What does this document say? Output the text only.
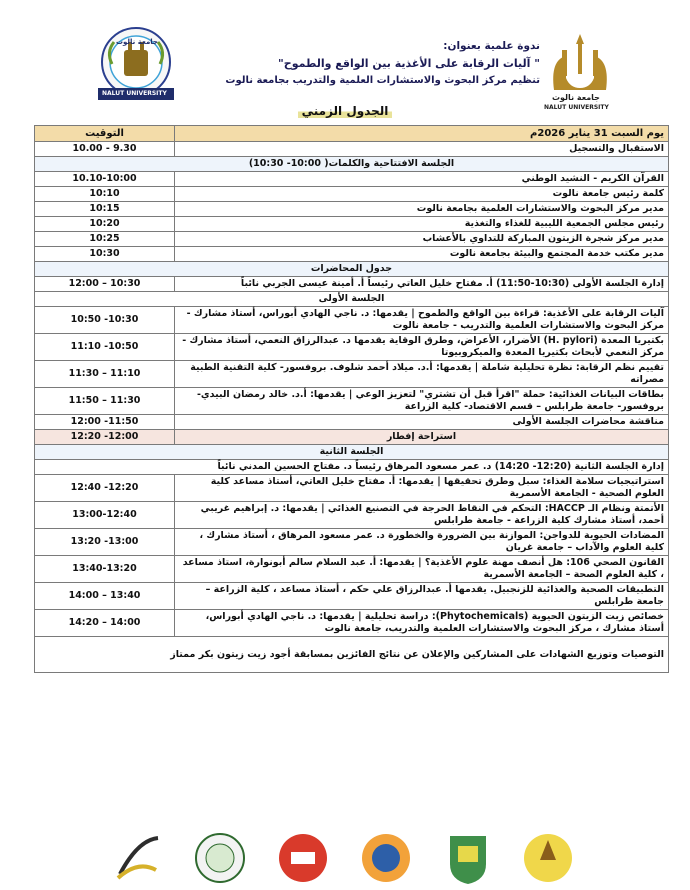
جامعة نالوت
NALUT UNIVERSITY
ندوة علمية بعنوان:
" آليات الرقابة على الأغذية بين الواقع والطموح"
تنظيم مركز البحوث والاستشارات العلمية والتدريب بجامعة نالوت
جامعة نالوت
NALUT UNIVERSITY
الجدول الزمني
يوم السبت 31 يناير 2026م	التوقيت
الاستقبال والتسجيل	10.00 - 9.30
الجلسة الافتتاحية والكلمات( 10:00- 10:30)	
القرآن الكريم - النشيد الوطني	10.10-10:00
كلمة رئيس جامعة نالوت	10:10
مدير مركز البحوث والاستشارات العلمية بجامعة نالوت	10:15
رئيس مجلس الجمعية الليبية للغذاء والتغذية	10:20
مدير مركز شجرة الزيتون المباركة للتداوي بالأعشاب	10:25
مدير مكتب خدمة المجتمع والبيئة بجامعة نالوت	10:30
جدول المحاضرات	
إدارة الجلسة الأولى (10:30-11:50) أ. مفتاح خليل العاتي رئيساً أ. أمينة عيسى الجربي نائباً	12:00 – 10:30
الجلسة الأولى	
آليات الرقابة على الأغذية: قراءة بين الواقع والطموح | يقدمها: د. ناجي الهادي أبوراس، أستاذ مشارك - مركز البحوث والاستشارات العلمية والتدريب - جامعة نالوت	10:50 -10:30
بكتيريا المعدة (H. pylori) الأضرار، الأعراض، وطرق الوقاية يقدمها د. عبدالرزاق النعمي، أستاذ مشارك - مركز النعمي لأبحاث بكتيريا المعدة والميكروبيوتا	11:10 -10:50
تقييم نظم الرقابة: نظرة تحليلية شاملة | يقدمها: أ.د. ميلاد أحمد شلوف. بروفسور- كلية التقنية الطبية مصراته	11:30 – 11:10
بطاقات البيانات الغذائية: حملة "اقرأ قبل أن تشتري" لتعزيز الوعي | يقدمها: أ.د. خالد رمضان البيدي- بروفسور- جامعة طرابلس – قسم الاقتصاد- كلية الزراعة	11:50 – 11:30
مناقشة محاضرات الجلسة الأولى	12:00 -11:50
استراحة إفطار	12:20 -12:00
الجلسة الثانية	
إدارة الجلسة الثانية (12:20- 14:20) د. عمر مسعود المرهاق رئيساً د. مفتاح الحسين المدني نائباً	
استراتيجيات سلامة الغذاء: سبل وطرق تحقيقها | يقدمها: أ. مفتاح خليل العاتي، أستاذ مساعد كلية العلوم الصحية - الجامعة الأسمرية	12:40 -12:20
الأتمتة ونظام الـ HACCP: التحكم في النقاط الحرجة في التصنيع الغذائي | يقدمها: د. إبراهيم غريبي أحمد، أستاذ مشارك كلية الزراعة - جامعة طرابلس	13:00-12:40
المضادات الحيوية للدواجن: الموازنة بين الضرورة والخطورة د. عمر مسعود المرهاق ، أستاذ مشارك ، كلية العلوم والآداب – جامعة غريان	13:20 -13:00
القانون الصحي 106: هل أنصف مهنة علوم الأغذية؟ | يقدمها: أ. عبد السلام سالم أبونوارة، استاذ مساعد ، كلية العلوم الصحة – الجامعة الأسمرية	13:40-13:20
التطبيقات الصحية والغذائية للزنجبيل. يقدمها أ. عبدالرزاق علي حكم ، أستاذ مساعد ، كلية الزراعة – جامعة طرابلس	14:00 – 13:40
خصائص زيت الزيتون الحيوية (Phytochemicals): دراسة تحليلية | يقدمها: د. ناجي الهادي أبوراس، أستاذ مشارك ، مركز البحوث والاستشارات العلمية والتدريب، جامعة نالوت	14:20 – 14:00
التوصيات وتوزيع الشهادات على المشاركين والإعلان عن نتائج الفائزين بمسابقة أجود زيت زيتون بكر ممتاز	
